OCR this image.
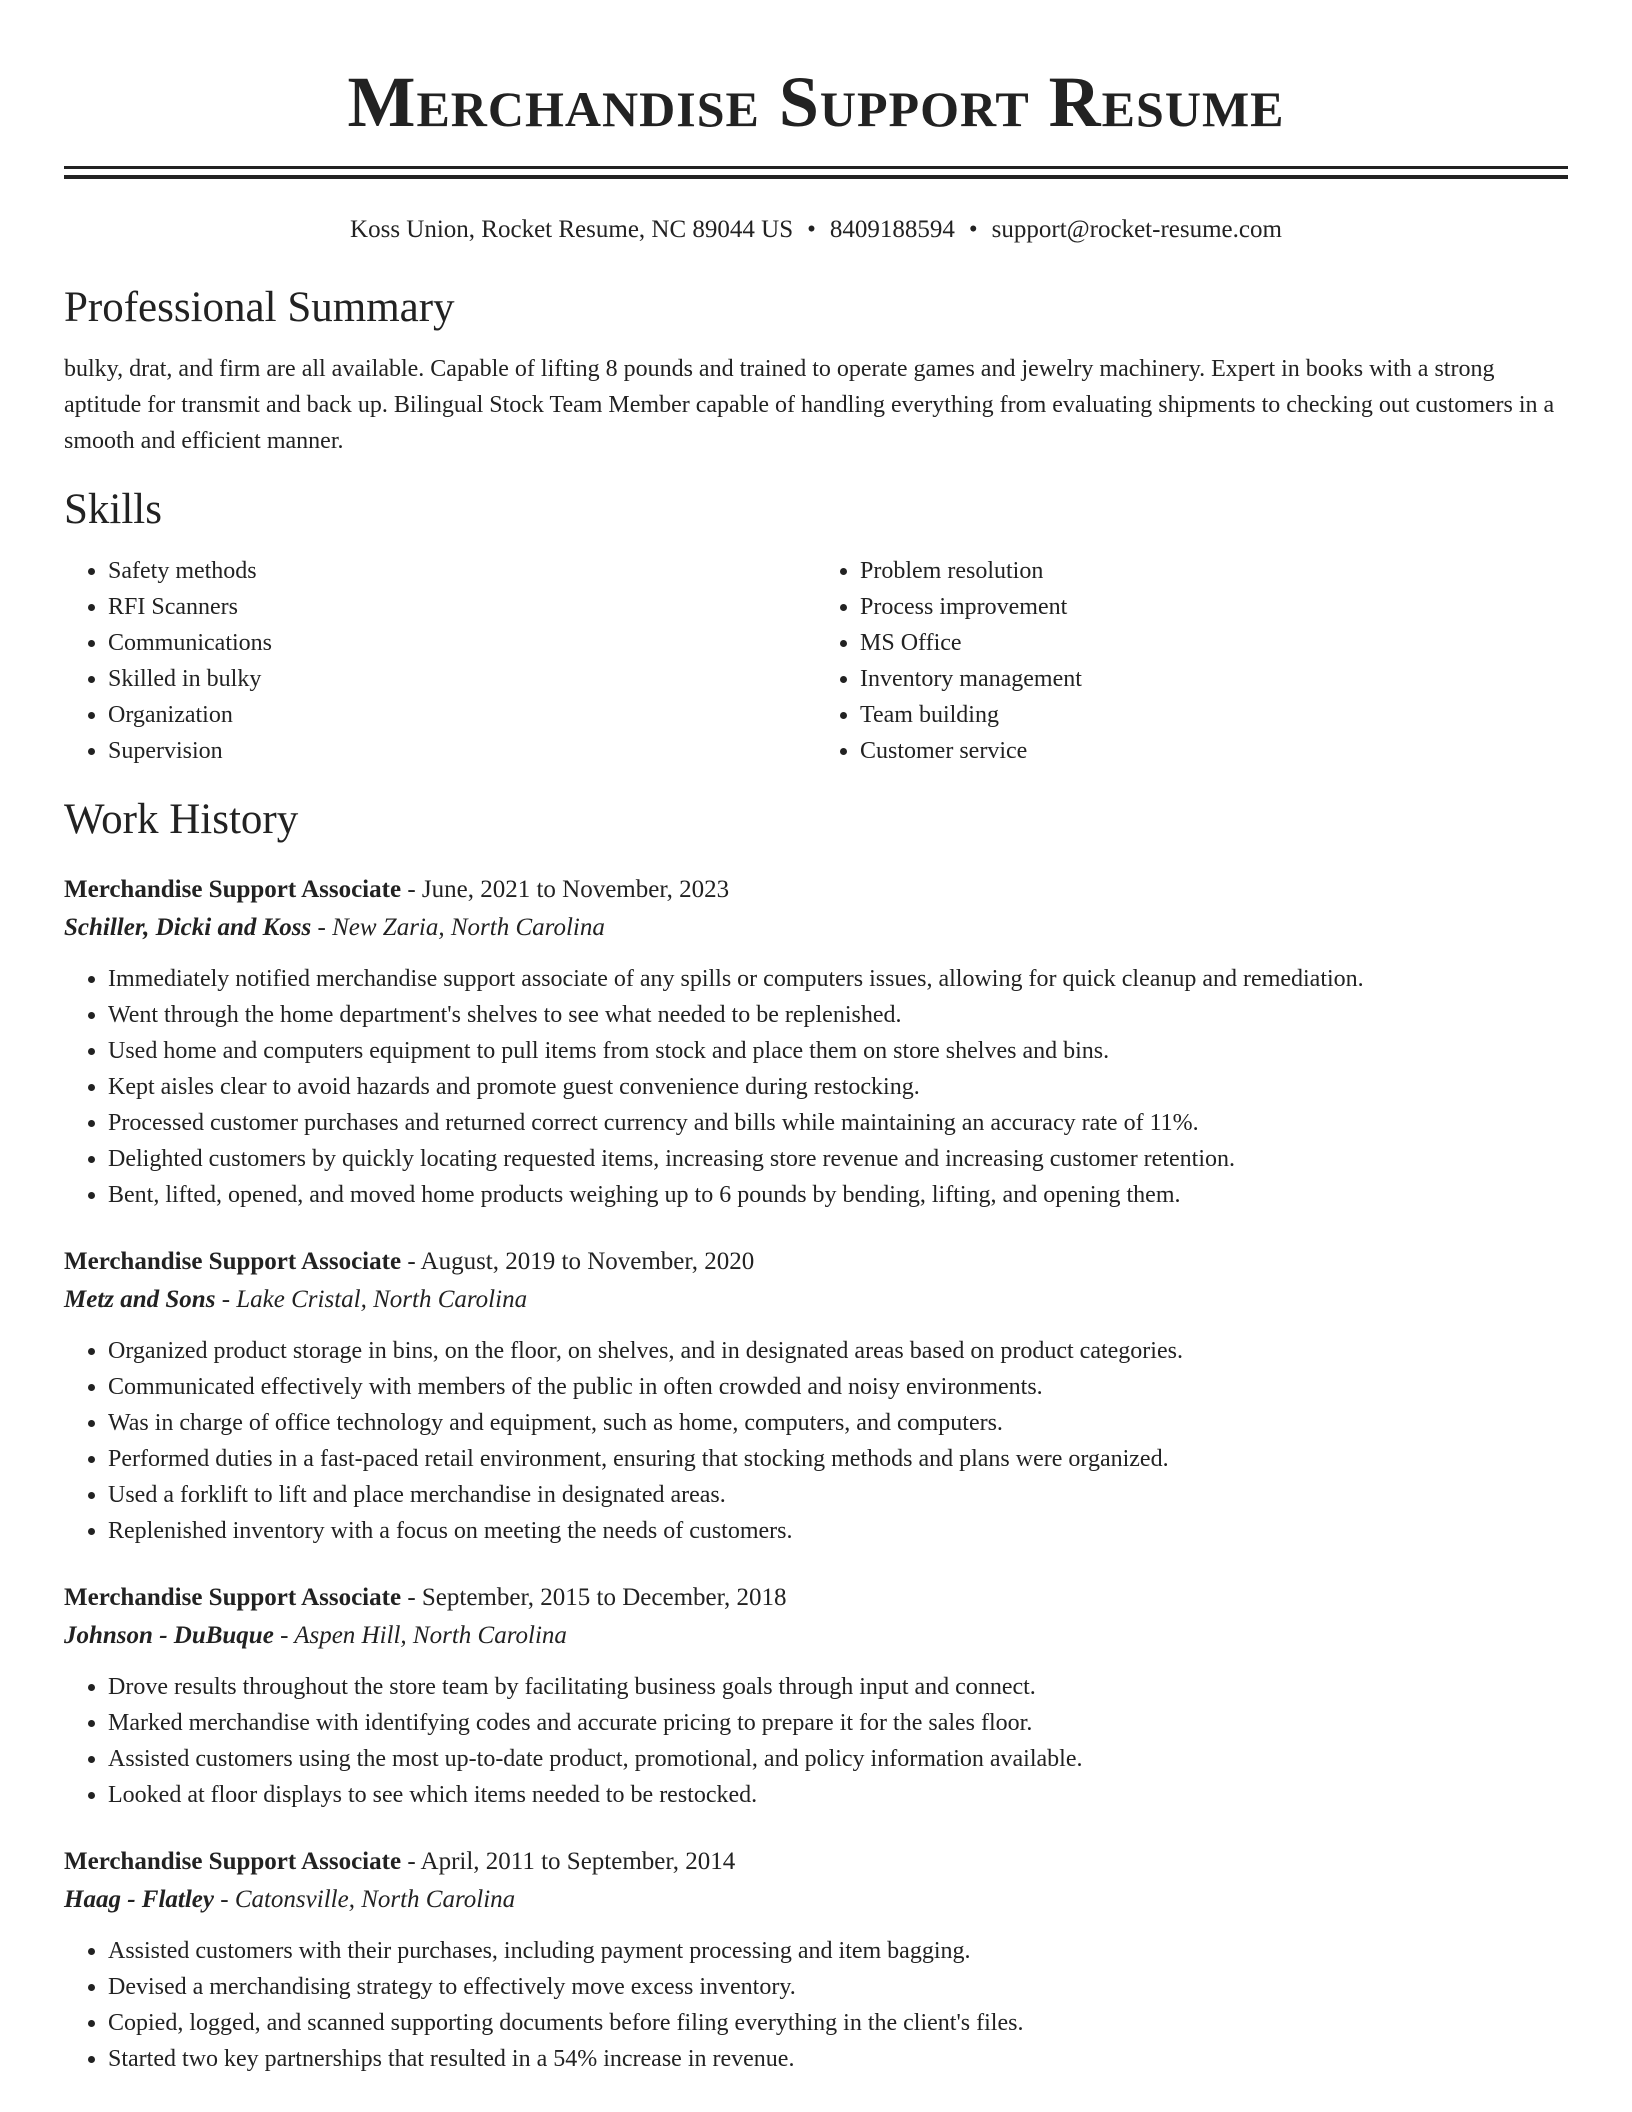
Merchandise Support Resume
Koss Union, Rocket Resume, NC 89044 US • 8409188594 • support@rocket-resume.com
Professional Summary

bulky, drat, and firm are all available. Capable of lifting 8 pounds and trained to operate games and jewelry machinery. Expert in books with a strong aptitude for transmit and back up. Bilingual Stock Team Member capable of handling everything from evaluating shipments to checking out customers in a smooth and efficient manner.

Skills
• Safety methods
• RFI Scanners
• Communications
• Skilled in bulky
• Organization
• Supervision
• Problem resolution
• Process improvement
• MS Office
• Inventory management
• Team building
• Customer service
Work History
Merchandise Support Associate - June, 2021 to November, 2023
Schiller, Dicki and Koss - New Zaria, North Carolina
• Immediately notified merchandise support associate of any spills or computers issues, allowing for quick cleanup and remediation.
• Went through the home department's shelves to see what needed to be replenished.
• Used home and computers equipment to pull items from stock and place them on store shelves and bins.
• Kept aisles clear to avoid hazards and promote guest convenience during restocking.
• Processed customer purchases and returned correct currency and bills while maintaining an accuracy rate of 11%.
• Delighted customers by quickly locating requested items, increasing store revenue and increasing customer retention.
• Bent, lifted, opened, and moved home products weighing up to 6 pounds by bending, lifting, and opening them.
Merchandise Support Associate - August, 2019 to November, 2020
Metz and Sons - Lake Cristal, North Carolina
• Organized product storage in bins, on the floor, on shelves, and in designated areas based on product categories.
• Communicated effectively with members of the public in often crowded and noisy environments.
• Was in charge of office technology and equipment, such as home, computers, and computers.
• Performed duties in a fast-paced retail environment, ensuring that stocking methods and plans were organized.
• Used a forklift to lift and place merchandise in designated areas.
• Replenished inventory with a focus on meeting the needs of customers.
Merchandise Support Associate - September, 2015 to December, 2018
Johnson - DuBuque - Aspen Hill, North Carolina
• Drove results throughout the store team by facilitating business goals through input and connect.
• Marked merchandise with identifying codes and accurate pricing to prepare it for the sales floor.
• Assisted customers using the most up-to-date product, promotional, and policy information available.
• Looked at floor displays to see which items needed to be restocked.
Merchandise Support Associate - April, 2011 to September, 2014
Haag - Flatley - Catonsville, North Carolina
• Assisted customers with their purchases, including payment processing and item bagging.
• Devised a merchandising strategy to effectively move excess inventory.
• Copied, logged, and scanned supporting documents before filing everything in the client's files.
• Started two key partnerships that resulted in a 54% increase in revenue.
